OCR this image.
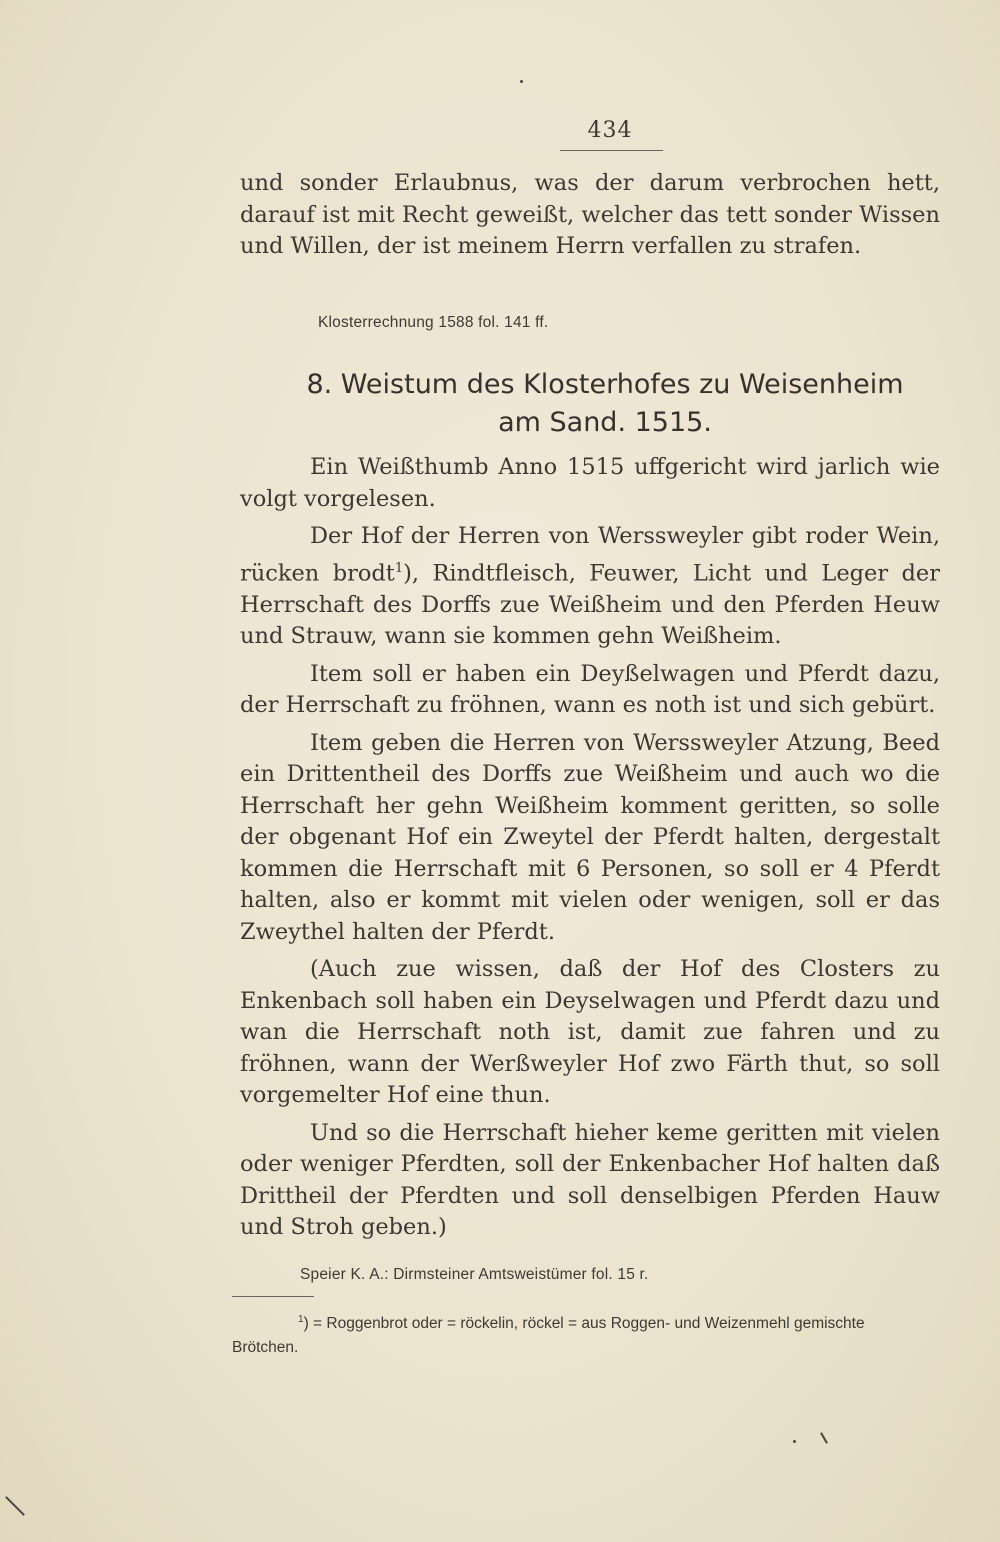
434

und sonder Erlaubnus, was der darum verbrochen hett, darauf ist mit Recht geweißt, welcher das tett sonder Wissen und Willen, der ist meinem Herrn verfallen zu strafen.

Klosterrechnung 1588 fol. 141 ff.
8. Weistum des Klosterhofes zu Weisenheim
am Sand. 1515.

Ein Weißthumb Anno 1515 uffgericht wird jarlich wie volgt vorgelesen.

Der Hof der Herren von Werssweyler gibt roder Wein, rücken brodt$^1$), Rindtfleisch, Feuwer, Licht und Leger der Herrschaft des Dorffs zue Weißheim und den Pferden Heuw und Strauw, wann sie kommen gehn Weißheim.

Item soll er haben ein Deyßelwagen und Pferdt dazu, der Herrschaft zu fröhnen, wann es noth ist und sich gebürt.

Item geben die Herren von Werssweyler Atzung, Beed ein Drittentheil des Dorffs zue Weißheim und auch wo die Herrschaft her gehn Weißheim komment geritten, so solle der obgenant Hof ein Zweytel der Pferdt halten, dergestalt kommen die Herrschaft mit 6 Personen, so soll er 4 Pferdt halten, also er kommt mit vielen oder wenigen, soll er das Zweythel halten der Pferdt.

(Auch zue wissen, daß der Hof des Closters zu Enkenbach soll haben ein Deyselwagen und Pferdt dazu und wan die Herrschaft noth ist, damit zue fahren und zu fröhnen, wann der Werßweyler Hof zwo Färth thut, so soll vorgemelter Hof eine thun.

Und so die Herrschaft hieher keme geritten mit vielen oder weniger Pferdten, soll der Enkenbacher Hof halten daß Drittheil der Pferdten und soll denselbigen Pferden Hauw und Stroh geben.)

Speier K. A.: Dirmsteiner Amtsweistümer fol. 15 r.
$^1$) = Roggenbrot oder = röckelin, röckel = aus Roggen- und Weizenmehl gemischte Brötchen.
